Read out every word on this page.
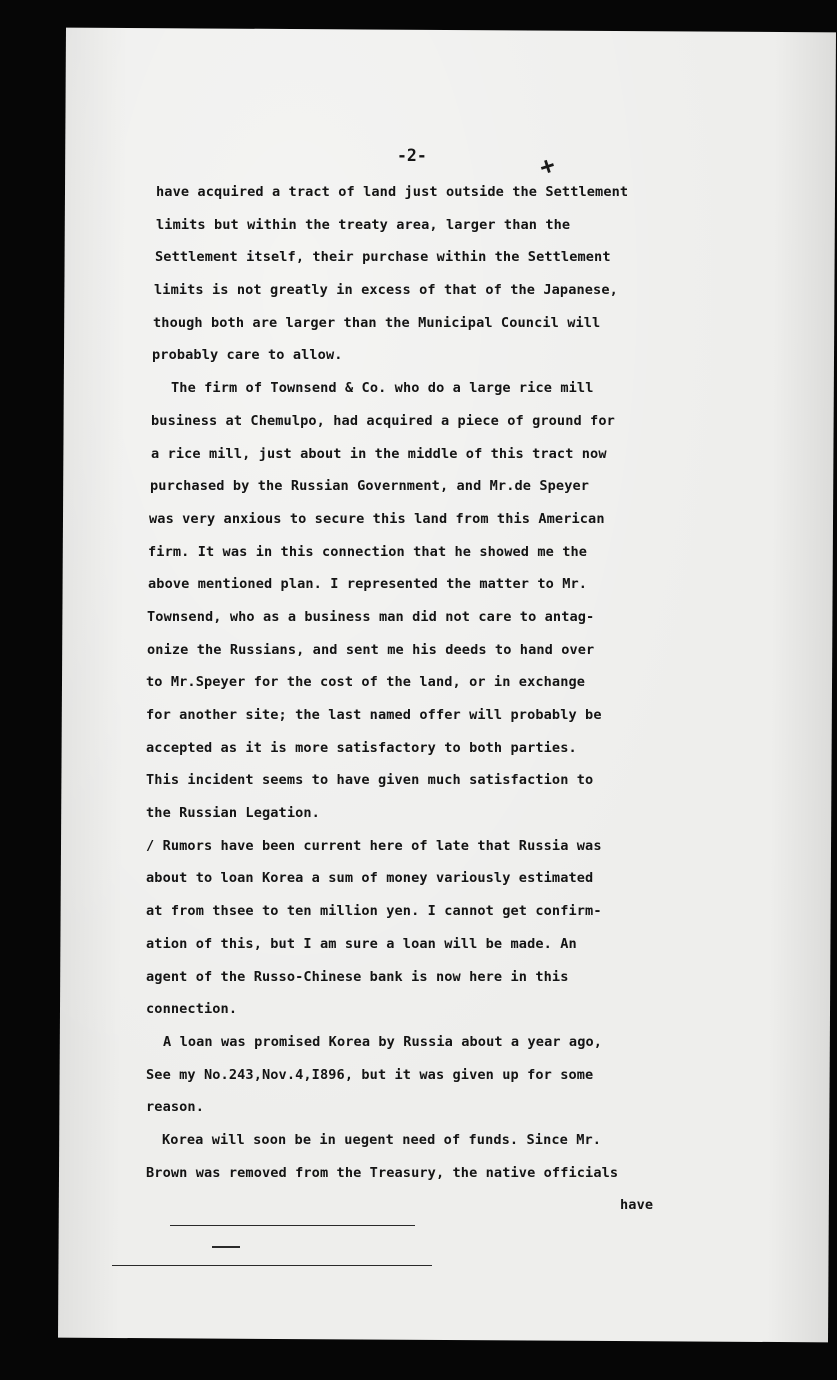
-2-	+
have acquired a tract of land just outside the Settlement
limits but within the treaty area, larger than the
Settlement itself, their purchase within the Settlement
limits is not greatly in excess of that of the Japanese,
though both are larger than the Municipal Council will
probably care to allow.
The firm of Townsend & Co. who do a large rice mill
business at Chemulpo, had acquired a piece of ground for
a rice mill, just about in the middle of this tract now
purchased by the Russian Government, and Mr.de Speyer
was very anxious to secure this land from this American
firm. It was in this connection that he showed me the
above mentioned plan. I represented the matter to Mr.
Townsend, who as a business man did not care to antag-
onize the Russians, and sent me his deeds to hand over
to Mr.Speyer for the cost of the land, or in exchange
for another site; the last named offer will probably be
accepted as it is more satisfactory to both parties.
This incident seems to have given much satisfaction to
the Russian Legation.
/ Rumors have been current here of late that Russia was
about to loan Korea a sum of money variously estimated
at from thsee to ten million yen. I cannot get confirm-
ation of this, but I am sure a loan will be made. An
agent of the Russo-Chinese bank is now here in this
connection.
A loan was promised Korea by Russia about a year ago,
See my No.243,Nov.4,I896, but it was given up for some
reason.
Korea will soon be in uegent need of funds. Since Mr.
Brown was removed from the Treasury, the native officials
have
